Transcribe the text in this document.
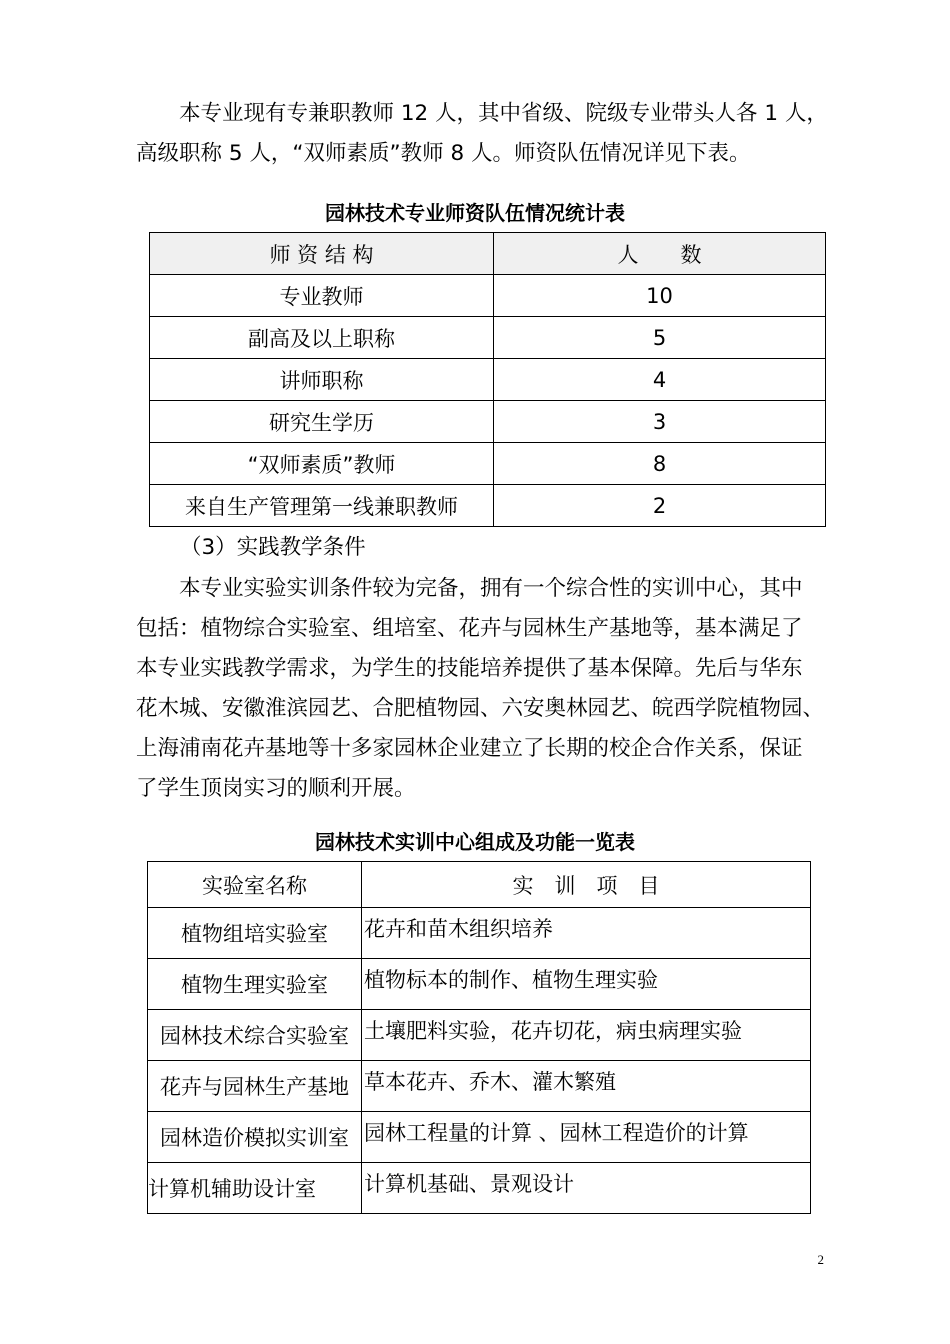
本专业现有专兼职教师 12 人，其中省级、院级专业带头人各 1 人，
高级职称 5 人，“双师素质”教师 8 人。师资队伍情况详见下表。

园林技术专业师资队伍情况统计表

师 资 结 构	人　　数
专业教师	10
副高及以上职称	5
讲师职称	4
研究生学历	3
“双师素质”教师	8
来自生产管理第一线兼职教师	2

（3）实践教学条件

本专业实验实训条件较为完备，拥有一个综合性的实训中心，其中
包括：植物综合实验室、组培室、花卉与园林生产基地等，基本满足了
本专业实践教学需求，为学生的技能培养提供了基本保障。先后与华东
花木城、安徽淮滨园艺、合肥植物园、六安奥林园艺、皖西学院植物园、
上海浦南花卉基地等十多家园林企业建立了长期的校企合作关系，保证
了学生顶岗实习的顺利开展。

园林技术实训中心组成及功能一览表

实验室名称	实　训　项　目
植物组培实验室	花卉和苗木组织培养
植物生理实验室	植物标本的制作、植物生理实验
园林技术综合实验室	土壤肥料实验，花卉切花，病虫病理实验
花卉与园林生产基地	草本花卉、乔木、灌木繁殖
园林造价模拟实训室	园林工程量的计算 、园林工程造价的计算
计算机辅助设计室	计算机基础、景观设计
2
